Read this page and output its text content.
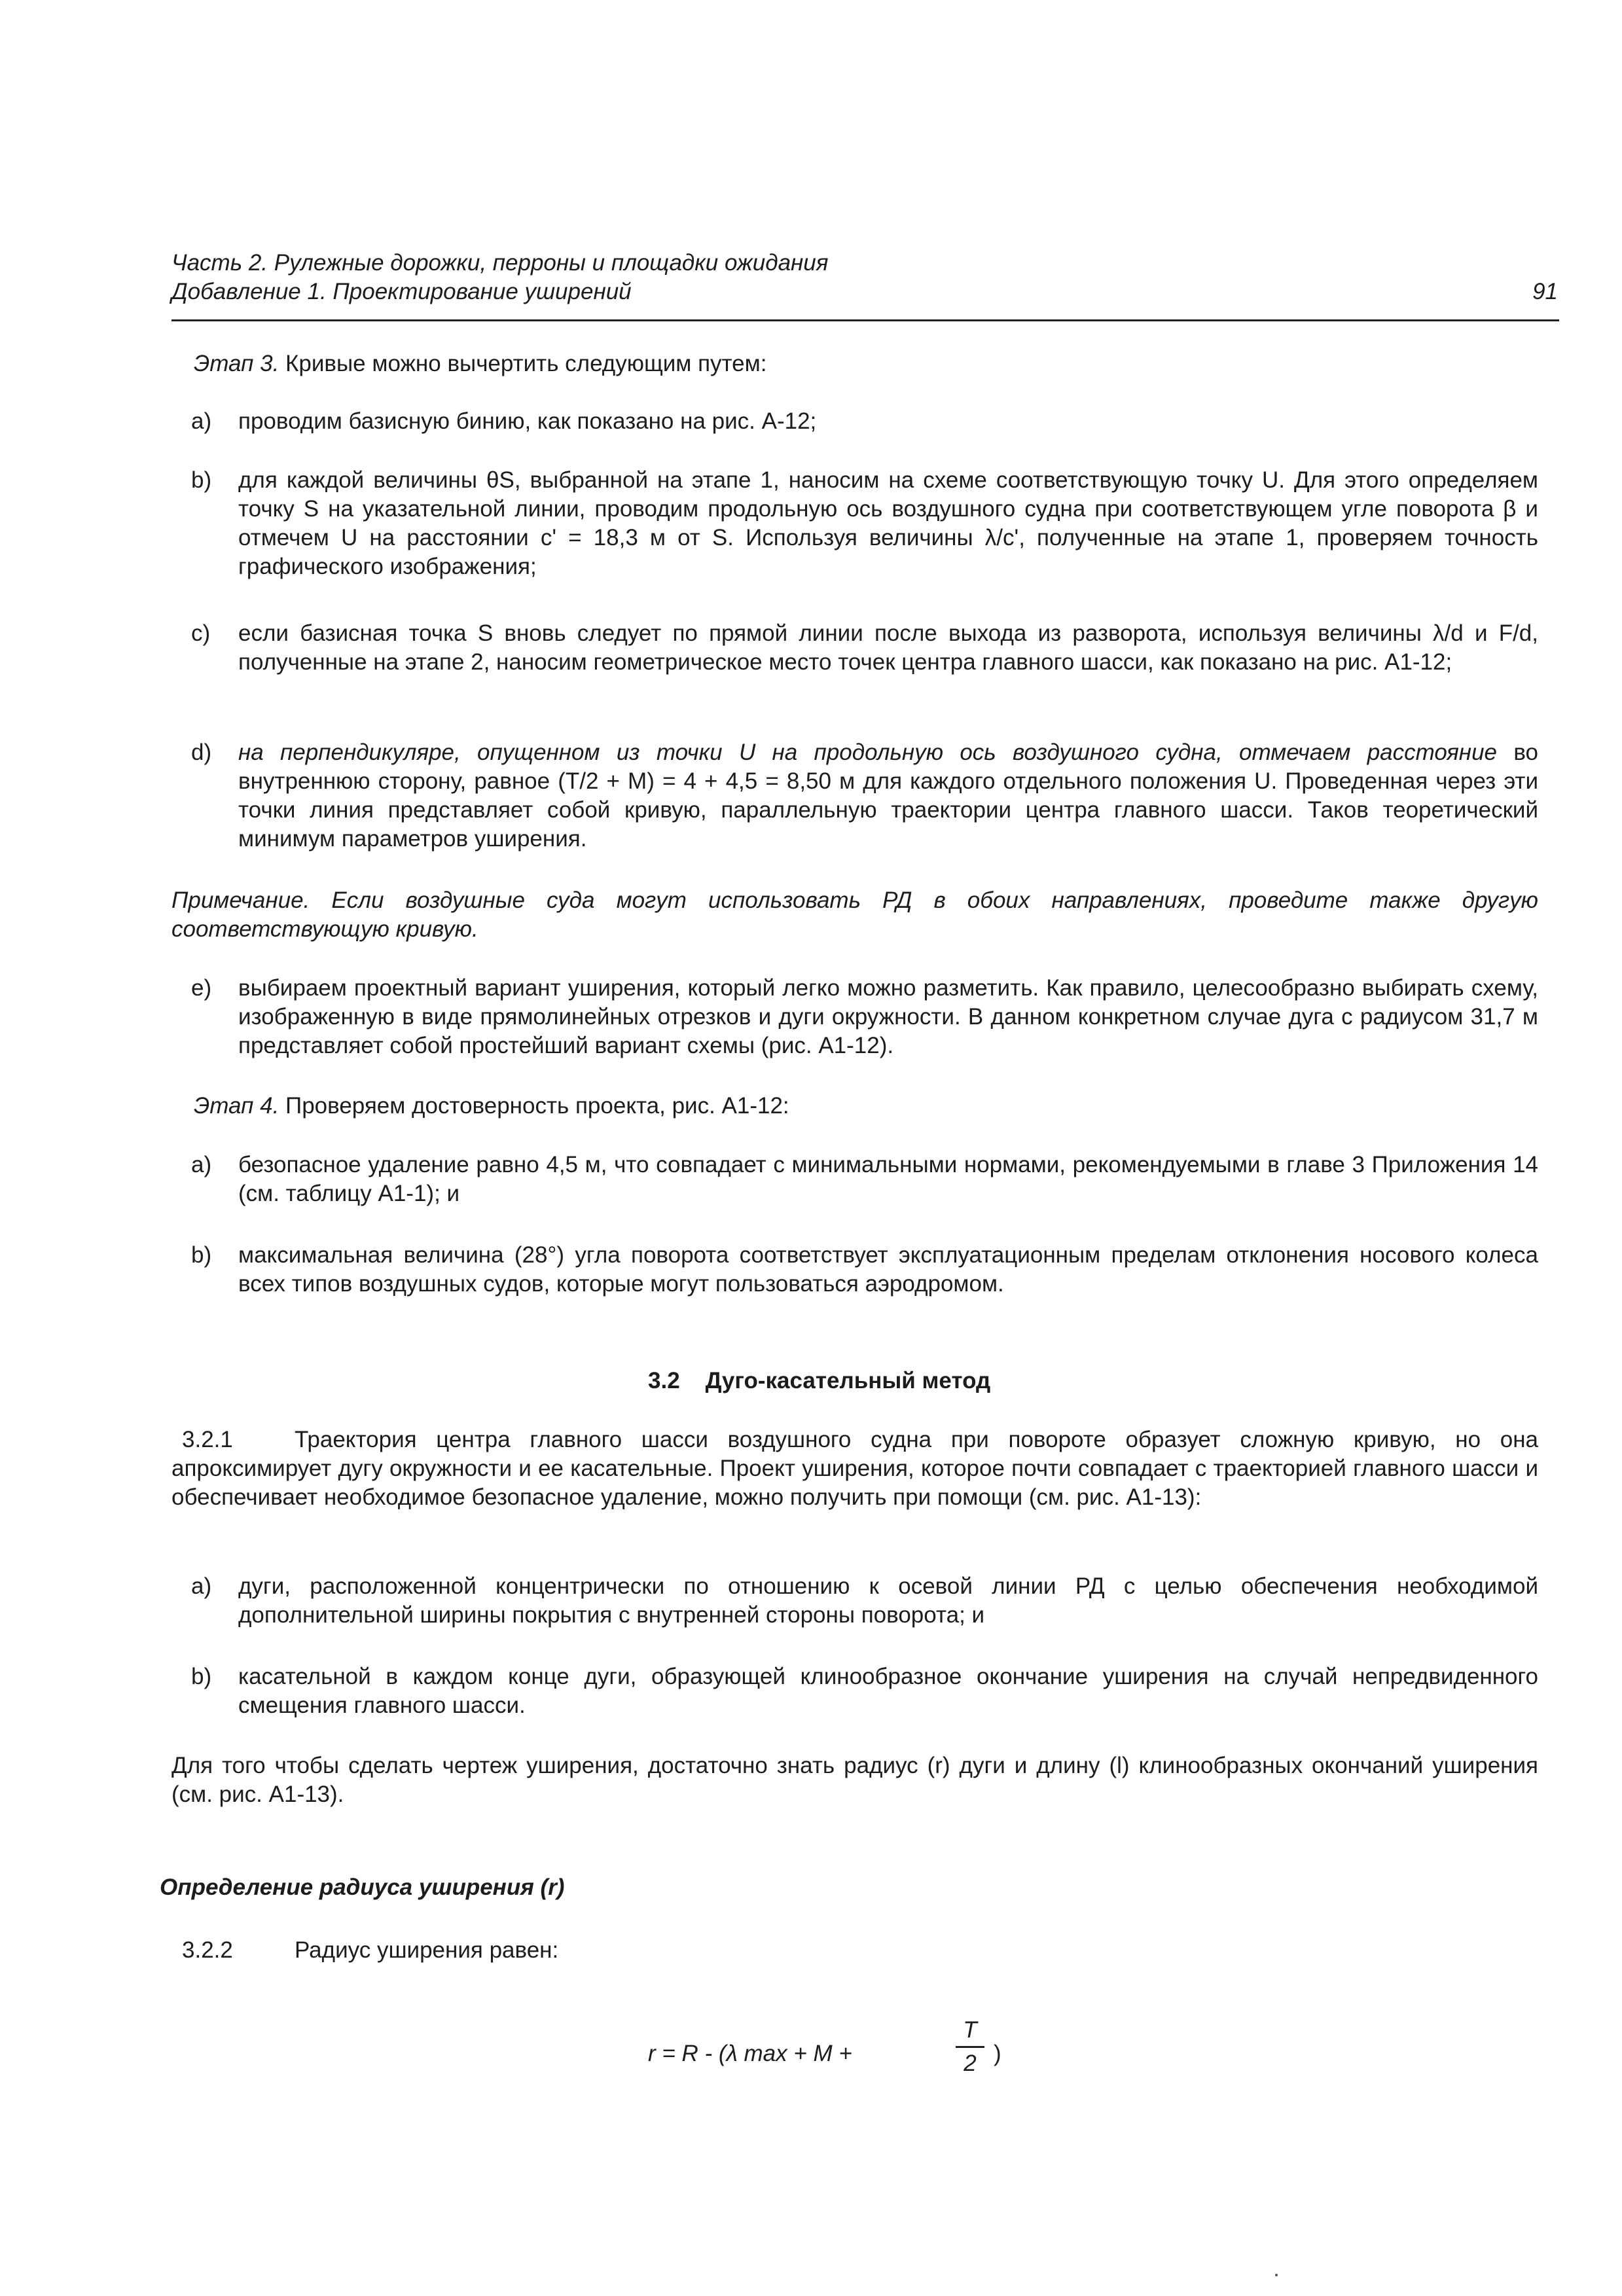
Часть 2. Рулежные дорожки, перроны и площадки ожидания
Добавление 1. Проектирование уширений	91
Этап 3. Кривые можно вычертить следующим путем:
a) проводим базисную бинию, как показано на рис. А-12;
b) для каждой величины θS, выбранной на этапе 1, наносим на схеме соответствующую точку U. Для этого определяем точку S на указательной линии, проводим продольную ось воздушного судна при соответствующем угле поворота β и отмечем U на расстоянии c' = 18,3 м от S. Используя величины λ/c', полученные на этапе 1, проверяем точность графического изображения;
c) если базисная точка S вновь следует по прямой линии после выхода из разворота, используя величины λ/d и F/d, полученные на этапе 2, наносим геометрическое место точек центра главного шасси, как показано на рис. А1-12;
d) на перпендикуляре, опущенном из точки U на продольную ось воздушного судна, отмечаем расстояние во внутреннюю сторону, равное (T/2 + M) = 4 + 4,5 = 8,50 м для каждого отдельного положения U. Проведенная через эти точки линия представляет собой кривую, параллельную траектории центра главного шасси. Таков теоретический минимум параметров уширения.
Примечание. Если воздушные суда могут использовать РД в обоих направлениях, проведите также другую соответствующую кривую.
e) выбираем проектный вариант уширения, который легко можно разметить. Как правило, целесообразно выбирать схему, изображенную в виде прямолинейных отрезков и дуги окружности. В данном конкретном случае дуга с радиусом 31,7 м представляет собой простейший вариант схемы (рис. А1-12).
Этап 4. Проверяем достоверность проекта, рис. А1-12:
a) безопасное удаление равно 4,5 м, что совпадает с минимальными нормами, рекомендуемыми в главе 3 Приложения 14 (см. таблицу А1-1); и
b) максимальная величина (28°) угла поворота соответствует эксплуатационным пределам отклонения носового колеса всех типов воздушных судов, которые могут пользоваться аэродромом.
3.2 Дуго-касательный метод
3.2.1	Траектория центра главного шасси воздушного судна при повороте образует сложную кривую, но она апроксимирует дугу окружности и ее касательные. Проект уширения, которое почти совпадает с траекторией главного шасси и обеспечивает необходимое безопасное удаление, можно получить при помощи (см. рис. А1-13):
a) дуги, расположенной концентрически по отношению к осевой линии РД с целью обеспечения необходимой дополнительной ширины покрытия с внутренней стороны поворота; и
b) касательной в каждом конце дуги, образующей клинообразное окончание уширения на случай непредвиденного смещения главного шасси.
Для того чтобы сделать чертеж уширения, достаточно знать радиус (r) дуги и длину (l) клинообразных окончаний уширения (см. рис. А1-13).
Определение радиуса уширения (r)
3.2.2	Радиус уширения равен:
r = R - (λ max + M +
T
2 )
